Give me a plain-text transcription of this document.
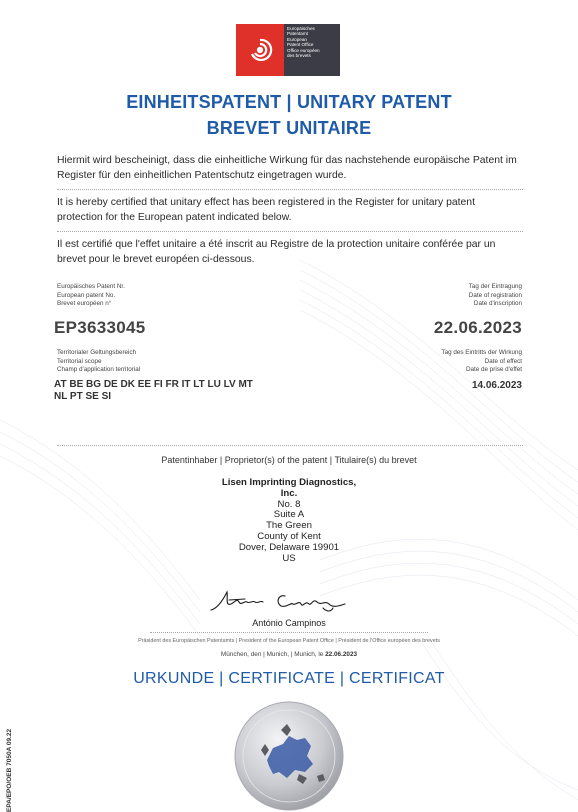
Europäisches
Patentamt
European
Patent Office
Office européen
des brevets
EINHEITSPATENT | UNITARY PATENT
BREVET UNITAIRE
Hiermit wird bescheinigt, dass die einheitliche Wirkung für das nachstehende europäische Patent im Register für den einheitlichen Patentschutz eingetragen wurde.
It is hereby certified that unitary effect has been registered in the Register for unitary patent protection for the European patent indicated below.
Il est certifié que l'effet unitaire a été inscrit au Registre de la protection unitaire conférée par un brevet pour le brevet européen ci-dessous.
Europäisches Patent Nr.
European patent No.
Brevet européen n°
EP3633045
Tag der Eintragung
Date of registration
Date d'inscription
22.06.2023
Territorialer Geltungsbereich
Territorial scope
Champ d'application territorial
AT BE BG DE DK EE FI FR IT LT LU LV MT
NL PT SE SI
Tag des Eintritts der Wirkung
Date of effect
Date de prise d'effet
14.06.2023
Patentinhaber | Proprietor(s) of the patent | Titulaire(s) du brevet
Lisen Imprinting Diagnostics,
Inc.
No. 8
Suite A
The Green
County of Kent
Dover, Delaware 19901
US
António Campinos
Präsident des Europäischen Patentamts | President of the European Patent Office | Président de l'Office européen des brevets
München, den | Munich, | Munich, le 22.06.2023
URKUNDE | CERTIFICATE | CERTIFICAT
EPA/EPO/OEB 7050A 09.22
